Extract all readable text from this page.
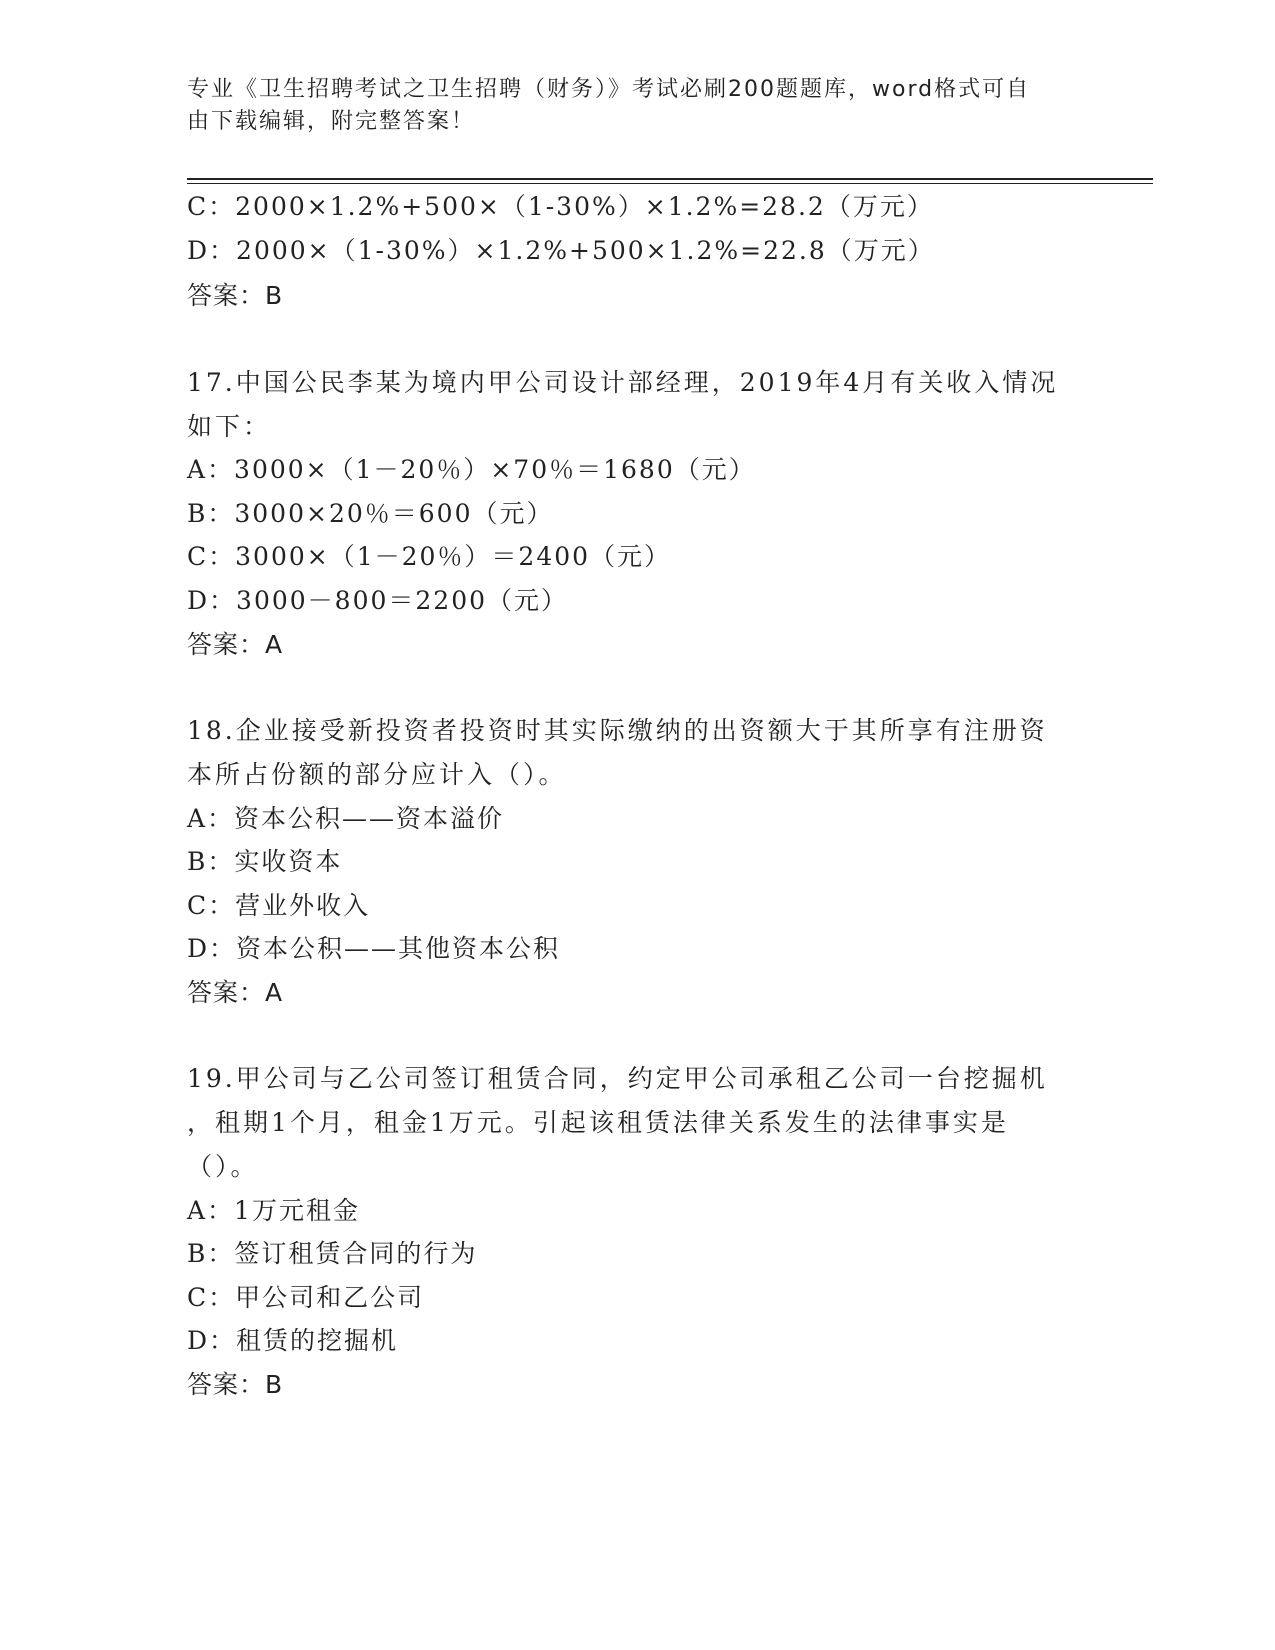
专业《卫生招聘考试之卫生招聘（财务）》考试必刷200题题库，word格式可自
由下载编辑，附完整答案！
C：2000×1.2%+500×（1-30%）×1.2%=28.2（万元）
D：2000×（1-30%）×1.2%+500×1.2%=22.8（万元）
答案：B
17.中国公民李某为境内甲公司设计部经理，2019年4月有关收入情况
如下：
A：3000×（1－20％）×70％＝1680（元）
B：3000×20％＝600（元）
C：3000×（1－20％）＝2400（元）
D：3000－800＝2200（元）
答案：A
18.企业接受新投资者投资时其实际缴纳的出资额大于其所享有注册资
本所占份额的部分应计入（）。
A：资本公积——资本溢价
B：实收资本
C：营业外收入
D：资本公积——其他资本公积
答案：A
19.甲公司与乙公司签订租赁合同，约定甲公司承租乙公司一台挖掘机
，租期1个月，租金1万元。引起该租赁法律关系发生的法律事实是
（）。
A：1万元租金
B：签订租赁合同的行为
C：甲公司和乙公司
D：租赁的挖掘机
答案：B
